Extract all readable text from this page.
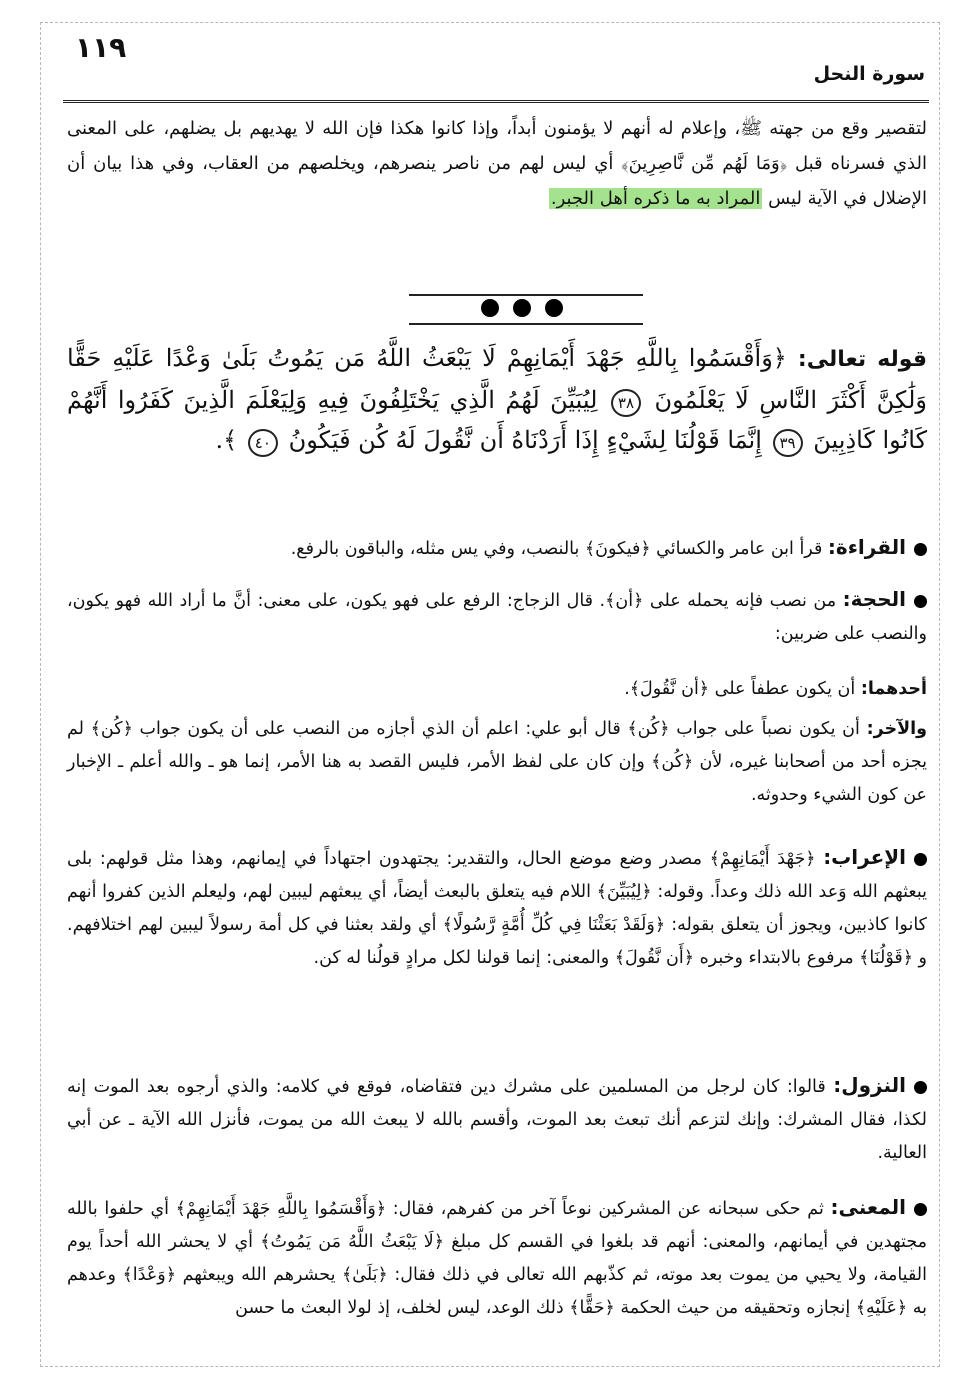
١١٩
سورة النحل
لتقصير وقع من جهته ﷺ، وإعلام له أنهم لا يؤمنون أبداً، وإذا كانوا هكذا فإن الله لا يهديهم بل يضلهم، على المعنى الذي فسرناه قبل ﴿وَمَا لَهُم مِّن نَّاصِرِينَ﴾ أي ليس لهم من ناصر ينصرهم، ويخلصهم من العقاب، وفي هذا بيان أن الإضلال في الآية ليس المراد به ما ذكره أهل الجبر.
قوله تعالى: ﴿وَأَقْسَمُوا بِاللَّهِ جَهْدَ أَيْمَانِهِمْ لَا يَبْعَثُ اللَّهُ مَن يَمُوتُ بَلَىٰ وَعْدًا عَلَيْهِ حَقًّا وَلَٰكِنَّ أَكْثَرَ النَّاسِ لَا يَعْلَمُونَ ٣٨ لِيُبَيِّنَ لَهُمُ الَّذِي يَخْتَلِفُونَ فِيهِ وَلِيَعْلَمَ الَّذِينَ كَفَرُوا أَنَّهُمْ كَانُوا كَاذِبِينَ ٣٩ إِنَّمَا قَوْلُنَا لِشَيْءٍ إِذَا أَرَدْنَاهُ أَن نَّقُولَ لَهُ كُن فَيَكُونُ ٤٠ ﴾.
القراءة: قرأ ابن عامر والكسائي ﴿فيكونَ﴾ بالنصب، وفي يس مثله، والباقون بالرفع.
الحجة: من نصب فإنه يحمله على ﴿أن﴾. قال الزجاج: الرفع على فهو يكون، على معنى: أنَّ ما أراد الله فهو يكون، والنصب على ضربين:
أحدهما: أن يكون عطفاً على ﴿أن نَّقُولَ﴾.
والآخر: أن يكون نصباً على جواب ﴿كُن﴾ قال أبو علي: اعلم أن الذي أجازه من النصب على أن يكون جواب ﴿كُن﴾ لم يجزه أحد من أصحابنا غيره، لأن ﴿كُن﴾ وإن كان على لفظ الأمر، فليس القصد به هنا الأمر، إنما هو ـ والله أعلم ـ الإخبار عن كون الشيء وحدوثه.
الإعراب: ﴿جَهْدَ أَيْمَانِهِمْ﴾ مصدر وضع موضع الحال، والتقدير: يجتهدون اجتهاداً في إيمانهم، وهذا مثل قولهم: بلى يبعثهم الله وَعد الله ذلك وعداً. وقوله: ﴿لِيُبَيِّنَ﴾ اللام فيه يتعلق بالبعث أيضاً، أي يبعثهم ليبين لهم، وليعلم الذين كفروا أنهم كانوا كاذبين، ويجوز أن يتعلق بقوله: ﴿وَلَقَدْ بَعَثْنَا فِي كُلِّ أُمَّةٍ رَّسُولًا﴾ أي ولقد بعثنا في كل أمة رسولاً ليبين لهم اختلافهم. و ﴿قَوْلُنَا﴾ مرفوع بالابتداء وخبره ﴿أَن نَّقُولَ﴾ والمعنى: إنما قولنا لكل مرادٍ قولُنا له كن.
النزول: قالوا: كان لرجل من المسلمين على مشرك دين فتقاضاه، فوقع في كلامه: والذي أرجوه بعد الموت إنه لكذا، فقال المشرك: وإنك لتزعم أنك تبعث بعد الموت، وأقسم بالله لا يبعث الله من يموت، فأنزل الله الآية ـ عن أبي العالية.
المعنى: ثم حكى سبحانه عن المشركين نوعاً آخر من كفرهم، فقال: ﴿وَأَقْسَمُوا بِاللَّهِ جَهْدَ أَيْمَانِهِمْ﴾ أي حلفوا بالله مجتهدين في أيمانهم، والمعنى: أنهم قد بلغوا في القسم كل مبلغ ﴿لَا يَبْعَثُ اللَّهُ مَن يَمُوتُ﴾ أي لا يحشر الله أحداً يوم القيامة، ولا يحيي من يموت بعد موته، ثم كذّبهم الله تعالى في ذلك فقال: ﴿بَلَىٰ﴾ يحشرهم الله ويبعثهم ﴿وَعْدًا﴾ وعدهم به ﴿عَلَيْهِ﴾ إنجازه وتحقيقه من حيث الحكمة ﴿حَقًّا﴾ ذلك الوعد، ليس لخلف، إذ لولا البعث ما حسن
